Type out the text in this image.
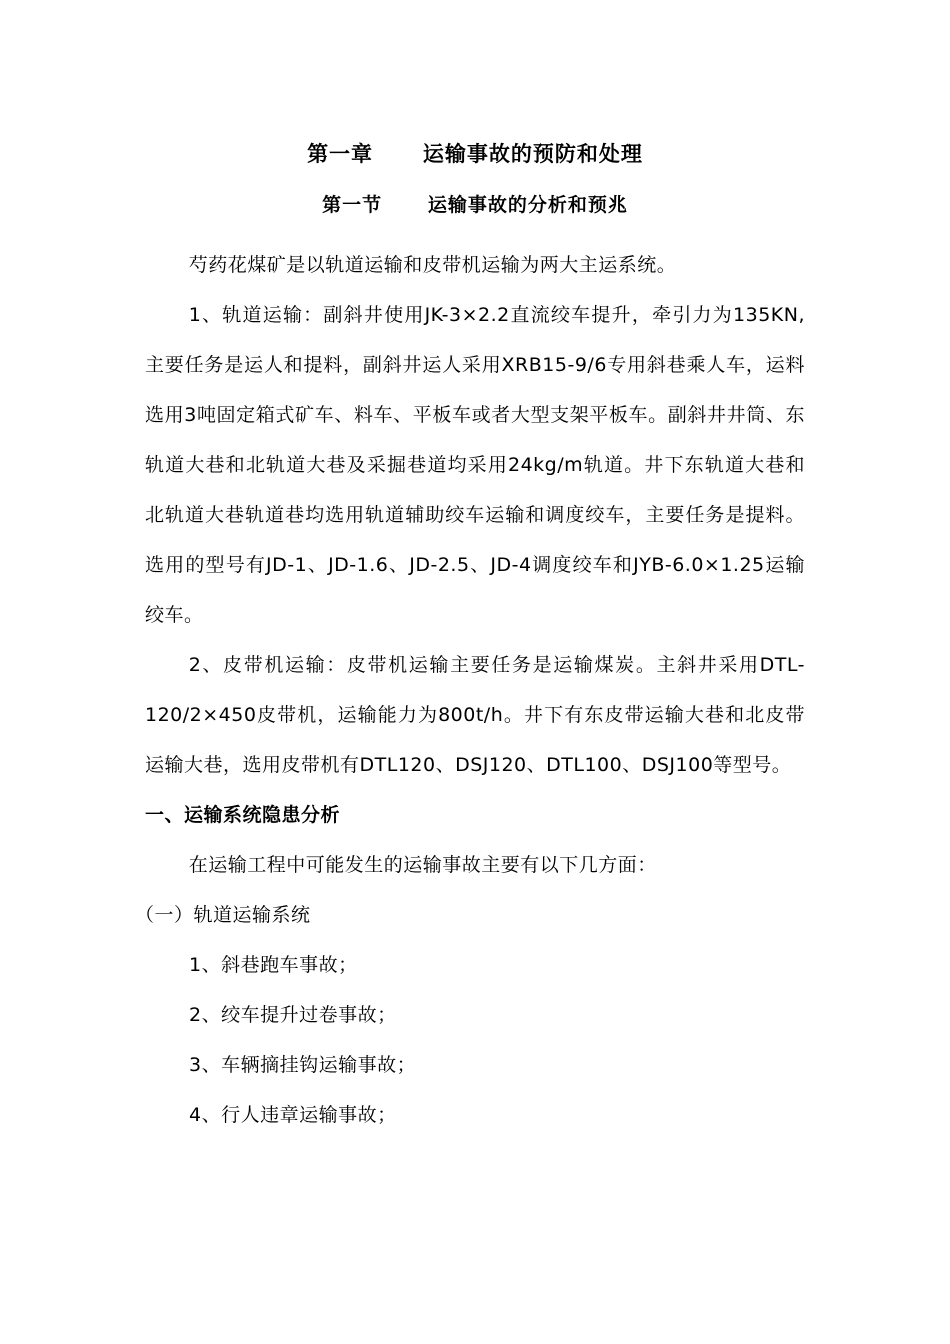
第一章      运输事故的预防和处理
第一节      运输事故的分析和预兆
芍药花煤矿是以轨道运输和皮带机运输为两大主运系统。
1、轨道运输：副斜井使用JK-3×2.2直流绞车提升，牵引力为135KN,主要任务是运人和提料，副斜井运人采用XRB15-9/6专用斜巷乘人车，运料选用3吨固定箱式矿车、料车、平板车或者大型支架平板车。副斜井井筒、东轨道大巷和北轨道大巷及采掘巷道均采用24kg/m轨道。井下东轨道大巷和北轨道大巷轨道巷均选用轨道辅助绞车运输和调度绞车，主要任务是提料。选用的型号有JD-1、JD-1.6、JD-2.5、JD-4调度绞车和JYB-6.0×1.25运输绞车。
2、皮带机运输：皮带机运输主要任务是运输煤炭。主斜井采用DTL-120/2×450皮带机，运输能力为800t/h。井下有东皮带运输大巷和北皮带运输大巷，选用皮带机有DTL120、DSJ120、DTL100、DSJ100等型号。
一、运输系统隐患分析
在运输工程中可能发生的运输事故主要有以下几方面：
（一）轨道运输系统
1、斜巷跑车事故；
2、绞车提升过卷事故；
3、车辆摘挂钩运输事故；
4、行人违章运输事故；
